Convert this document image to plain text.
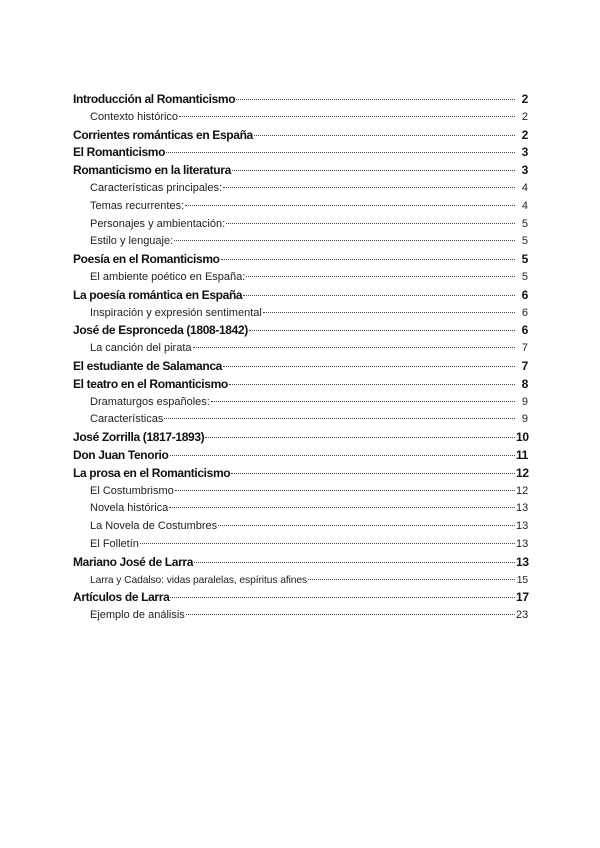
Introducción al Romanticismo	2
Contexto histórico	2
Corrientes románticas en España	2
El Romanticismo	3
Romanticismo en la literatura	3
Características principales:	4
Temas recurrentes:	4
Personajes y ambientación:	5
Estilo y lenguaje:	5
Poesía en el Romanticismo	5
El ambiente poético en España:	5
La poesía romántica en España	6
Inspiración y expresión sentimental	6
José de Espronceda (1808-1842)	6
La canción del pirata	7
El estudiante de Salamanca	7
El teatro en el Romanticismo	8
Dramaturgos españoles:	9
Características	9
José Zorrilla (1817-1893)	10
Don Juan Tenorio	11
La prosa en el Romanticismo	12
El Costumbrismo	12
Novela histórica	13
La Novela de Costumbres	13
El Folletín	13
Mariano José de Larra	13
Larra y Cadalso: vidas paralelas, espíritus afines	15
Artículos de Larra	17
Ejemplo de análisis	23
